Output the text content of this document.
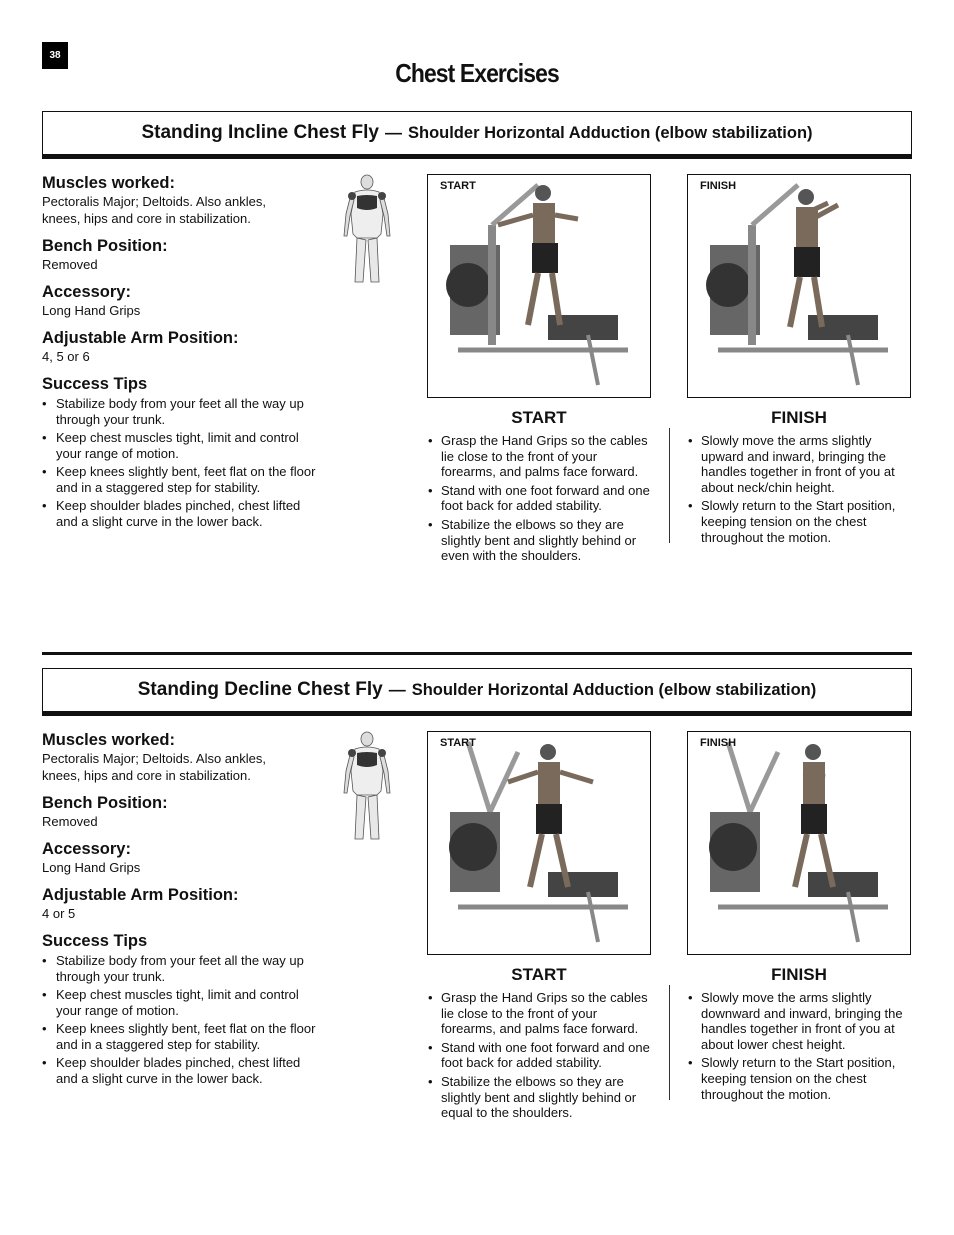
38
Chest Exercises
Standing Incline Chest Fly — Shoulder Horizontal Adduction (elbow stabilization)
Muscles worked:
Pectoralis Major; Deltoids. Also ankles, knees, hips and core in stabilization.
Bench Position:
Removed
Accessory:
Long Hand Grips
Adjustable Arm Position:
4, 5 or 6
Success Tips
• Stabilize body from your feet all the way up through your trunk.
• Keep chest muscles tight, limit and control your range of motion.
• Keep knees slightly bent, feet flat on the floor and in a staggered step for stability.
• Keep shoulder blades pinched, chest lifted and a slight curve in the lower back.
START	FINISH
START
• Grasp the Hand Grips so the cables lie close to the front of your forearms, and palms face forward.
• Stand with one foot forward and one foot back for added stability.
• Stabilize the elbows so they are slightly bent and slightly behind or even with the shoulders.
FINISH
• Slowly move the arms slightly upward and inward, bringing the handles together in front of you at about neck/chin height.
• Slowly return to the Start position, keeping tension on the chest throughout the motion.
Standing Decline Chest Fly — Shoulder Horizontal Adduction (elbow stabilization)
Muscles worked:
Pectoralis Major; Deltoids. Also ankles, knees, hips and core in stabilization.
Bench Position:
Removed
Accessory:
Long Hand Grips
Adjustable Arm Position:
4 or 5
Success Tips
• Stabilize body from your feet all the way up through your trunk.
• Keep chest muscles tight, limit and control your range of motion.
• Keep knees slightly bent, feet flat on the floor and in a staggered step for stability.
• Keep shoulder blades pinched, chest lifted and a slight curve in the lower back.
START	FINISH
START
• Grasp the Hand Grips so the cables lie close to the front of your forearms, and palms face forward.
• Stand with one foot forward and one foot back for added stability.
• Stabilize the elbows so they are slightly bent and slightly behind or equal to the shoulders.
FINISH
• Slowly move the arms slightly downward and inward, bringing the handles together in front of you at about lower chest height.
• Slowly return to the Start position, keeping tension on the chest throughout the motion.
